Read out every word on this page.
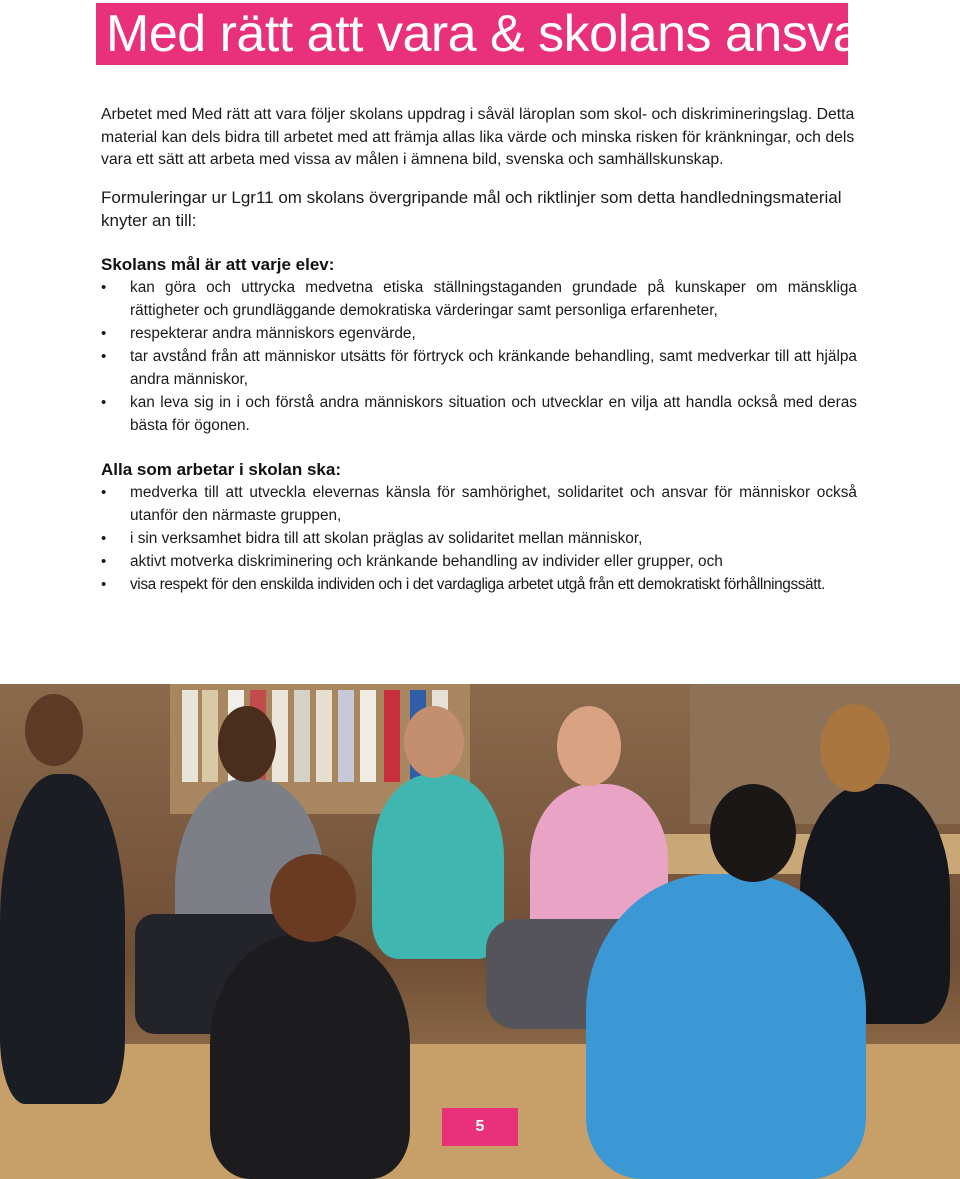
Med rätt att vara & skolans ansvar

Arbetet med Med rätt att vara följer skolans uppdrag i såväl läroplan som skol- och diskrimineringslag. Detta material kan dels bidra till arbetet med att främja allas lika värde och minska risken för kränkningar, och dels vara ett sätt att arbeta med vissa av målen i ämnena bild, svenska och samhällskunskap.

Formuleringar ur Lgr11 om skolans övergripande mål och riktlinjer som detta handledningsmaterial knyter an till:

Skolans mål är att varje elev:
• kan göra och uttrycka medvetna etiska ställningstaganden grundade på kunskaper om mänskliga rättigheter och grundläggande demokratiska värderingar samt personliga erfarenheter,
• respekterar andra människors egenvärde,
• tar avstånd från att människor utsätts för förtryck och kränkande behandling, samt medverkar till att hjälpa andra människor,
• kan leva sig in i och förstå andra människors situation och utvecklar en vilja att handla också med deras bästa för ögonen.
Alla som arbetar i skolan ska:
• medverka till att utveckla elevernas känsla för samhörighet, solidaritet och ansvar för människor också utanför den närmaste gruppen,
• i sin verksamhet bidra till att skolan präglas av solidaritet mellan människor,
• aktivt motverka diskriminering och kränkande behandling av individer eller grupper, och
• visa respekt för den enskilda individen och i det vardagliga arbetet utgå från ett demokratiskt förhållningssätt.
5
